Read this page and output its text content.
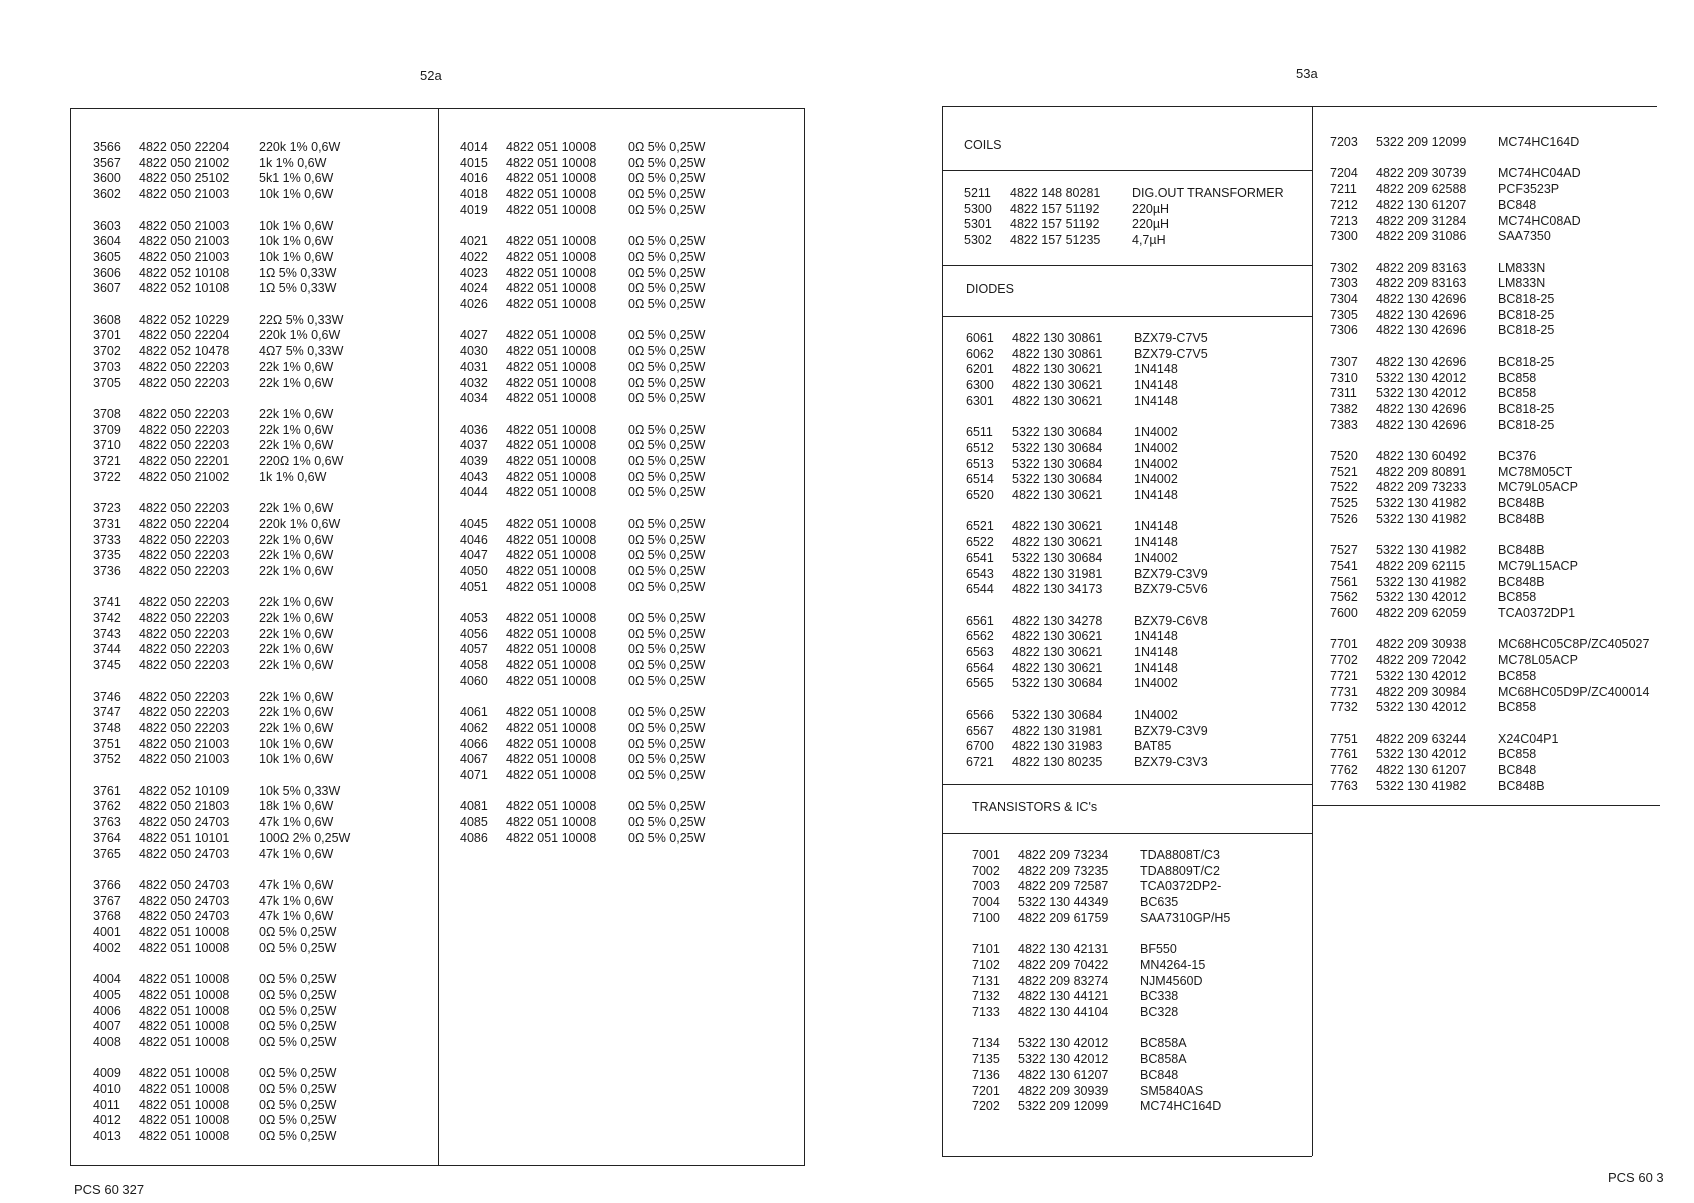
52a
3566	4822 050 22204	220k 1% 0,6W
3567	4822 050 21002	1k 1% 0,6W
3600	4822 050 25102	5k1 1% 0,6W
3602	4822 050 21003	10k 1% 0,6W
3603	4822 050 21003	10k 1% 0,6W
3604	4822 050 21003	10k 1% 0,6W
3605	4822 050 21003	10k 1% 0,6W
3606	4822 052 10108	1Ω 5% 0,33W
3607	4822 052 10108	1Ω 5% 0,33W
3608	4822 052 10229	22Ω 5% 0,33W
3701	4822 050 22204	220k 1% 0,6W
3702	4822 052 10478	4Ω7 5% 0,33W
3703	4822 050 22203	22k 1% 0,6W
3705	4822 050 22203	22k 1% 0,6W
3708	4822 050 22203	22k 1% 0,6W
3709	4822 050 22203	22k 1% 0,6W
3710	4822 050 22203	22k 1% 0,6W
3721	4822 050 22201	220Ω 1% 0,6W
3722	4822 050 21002	1k 1% 0,6W
3723	4822 050 22203	22k 1% 0,6W
3731	4822 050 22204	220k 1% 0,6W
3733	4822 050 22203	22k 1% 0,6W
3735	4822 050 22203	22k 1% 0,6W
3736	4822 050 22203	22k 1% 0,6W
3741	4822 050 22203	22k 1% 0,6W
3742	4822 050 22203	22k 1% 0,6W
3743	4822 050 22203	22k 1% 0,6W
3744	4822 050 22203	22k 1% 0,6W
3745	4822 050 22203	22k 1% 0,6W
3746	4822 050 22203	22k 1% 0,6W
3747	4822 050 22203	22k 1% 0,6W
3748	4822 050 22203	22k 1% 0,6W
3751	4822 050 21003	10k 1% 0,6W
3752	4822 050 21003	10k 1% 0,6W
3761	4822 052 10109	10k 5% 0,33W
3762	4822 050 21803	18k 1% 0,6W
3763	4822 050 24703	47k 1% 0,6W
3764	4822 051 10101	100Ω 2% 0,25W
3765	4822 050 24703	47k 1% 0,6W
3766	4822 050 24703	47k 1% 0,6W
3767	4822 050 24703	47k 1% 0,6W
3768	4822 050 24703	47k 1% 0,6W
4001	4822 051 10008	0Ω 5% 0,25W
4002	4822 051 10008	0Ω 5% 0,25W
4004	4822 051 10008	0Ω 5% 0,25W
4005	4822 051 10008	0Ω 5% 0,25W
4006	4822 051 10008	0Ω 5% 0,25W
4007	4822 051 10008	0Ω 5% 0,25W
4008	4822 051 10008	0Ω 5% 0,25W
4009	4822 051 10008	0Ω 5% 0,25W
4010	4822 051 10008	0Ω 5% 0,25W
4011	4822 051 10008	0Ω 5% 0,25W
4012	4822 051 10008	0Ω 5% 0,25W
4013	4822 051 10008	0Ω 5% 0,25W
4014	4822 051 10008	0Ω 5% 0,25W
4015	4822 051 10008	0Ω 5% 0,25W
4016	4822 051 10008	0Ω 5% 0,25W
4018	4822 051 10008	0Ω 5% 0,25W
4019	4822 051 10008	0Ω 5% 0,25W
4021	4822 051 10008	0Ω 5% 0,25W
4022	4822 051 10008	0Ω 5% 0,25W
4023	4822 051 10008	0Ω 5% 0,25W
4024	4822 051 10008	0Ω 5% 0,25W
4026	4822 051 10008	0Ω 5% 0,25W
4027	4822 051 10008	0Ω 5% 0,25W
4030	4822 051 10008	0Ω 5% 0,25W
4031	4822 051 10008	0Ω 5% 0,25W
4032	4822 051 10008	0Ω 5% 0,25W
4034	4822 051 10008	0Ω 5% 0,25W
4036	4822 051 10008	0Ω 5% 0,25W
4037	4822 051 10008	0Ω 5% 0,25W
4039	4822 051 10008	0Ω 5% 0,25W
4043	4822 051 10008	0Ω 5% 0,25W
4044	4822 051 10008	0Ω 5% 0,25W
4045	4822 051 10008	0Ω 5% 0,25W
4046	4822 051 10008	0Ω 5% 0,25W
4047	4822 051 10008	0Ω 5% 0,25W
4050	4822 051 10008	0Ω 5% 0,25W
4051	4822 051 10008	0Ω 5% 0,25W
4053	4822 051 10008	0Ω 5% 0,25W
4056	4822 051 10008	0Ω 5% 0,25W
4057	4822 051 10008	0Ω 5% 0,25W
4058	4822 051 10008	0Ω 5% 0,25W
4060	4822 051 10008	0Ω 5% 0,25W
4061	4822 051 10008	0Ω 5% 0,25W
4062	4822 051 10008	0Ω 5% 0,25W
4066	4822 051 10008	0Ω 5% 0,25W
4067	4822 051 10008	0Ω 5% 0,25W
4071	4822 051 10008	0Ω 5% 0,25W
4081	4822 051 10008	0Ω 5% 0,25W
4085	4822 051 10008	0Ω 5% 0,25W
4086	4822 051 10008	0Ω 5% 0,25W
PCS 60 327
53a
COILS
5211	4822 148 80281	DIG.OUT TRANSFORMER
5300	4822 157 51192	220µH
5301	4822 157 51192	220µH
5302	4822 157 51235	4,7µH
DIODES
6061	4822 130 30861	BZX79-C7V5
6062	4822 130 30861	BZX79-C7V5
6201	4822 130 30621	1N4148
6300	4822 130 30621	1N4148
6301	4822 130 30621	1N4148
6511	5322 130 30684	1N4002
6512	5322 130 30684	1N4002
6513	5322 130 30684	1N4002
6514	5322 130 30684	1N4002
6520	4822 130 30621	1N4148
6521	4822 130 30621	1N4148
6522	4822 130 30621	1N4148
6541	5322 130 30684	1N4002
6543	4822 130 31981	BZX79-C3V9
6544	4822 130 34173	BZX79-C5V6
6561	4822 130 34278	BZX79-C6V8
6562	4822 130 30621	1N4148
6563	4822 130 30621	1N4148
6564	4822 130 30621	1N4148
6565	5322 130 30684	1N4002
6566	5322 130 30684	1N4002
6567	4822 130 31981	BZX79-C3V9
6700	4822 130 31983	BAT85
6721	4822 130 80235	BZX79-C3V3
TRANSISTORS & IC's
7001	4822 209 73234	TDA8808T/C3
7002	4822 209 73235	TDA8809T/C2
7003	4822 209 72587	TCA0372DP2-
7004	5322 130 44349	BC635
7100	4822 209 61759	SAA7310GP/H5
7101	4822 130 42131	BF550
7102	4822 209 70422	MN4264-15
7131	4822 209 83274	NJM4560D
7132	4822 130 44121	BC338
7133	4822 130 44104	BC328
7134	5322 130 42012	BC858A
7135	5322 130 42012	BC858A
7136	4822 130 61207	BC848
7201	4822 209 30939	SM5840AS
7202	5322 209 12099	MC74HC164D
7203	5322 209 12099	MC74HC164D
7204	4822 209 30739	MC74HC04AD
7211	4822 209 62588	PCF3523P
7212	4822 130 61207	BC848
7213	4822 209 31284	MC74HC08AD
7300	4822 209 31086	SAA7350
7302	4822 209 83163	LM833N
7303	4822 209 83163	LM833N
7304	4822 130 42696	BC818-25
7305	4822 130 42696	BC818-25
7306	4822 130 42696	BC818-25
7307	4822 130 42696	BC818-25
7310	5322 130 42012	BC858
7311	5322 130 42012	BC858
7382	4822 130 42696	BC818-25
7383	4822 130 42696	BC818-25
7520	4822 130 60492	BC376
7521	4822 209 80891	MC78M05CT
7522	4822 209 73233	MC79L05ACP
7525	5322 130 41982	BC848B
7526	5322 130 41982	BC848B
7527	5322 130 41982	BC848B
7541	4822 209 62115	MC79L15ACP
7561	5322 130 41982	BC848B
7562	5322 130 42012	BC858
7600	4822 209 62059	TCA0372DP1
7701	4822 209 30938	MC68HC05C8P/ZC405027
7702	4822 209 72042	MC78L05ACP
7721	5322 130 42012	BC858
7731	4822 209 30984	MC68HC05D9P/ZC400014
7732	5322 130 42012	BC858
7751	4822 209 63244	X24C04P1
7761	5322 130 42012	BC858
7762	4822 130 61207	BC848
7763	5322 130 41982	BC848B
PCS 60 3
